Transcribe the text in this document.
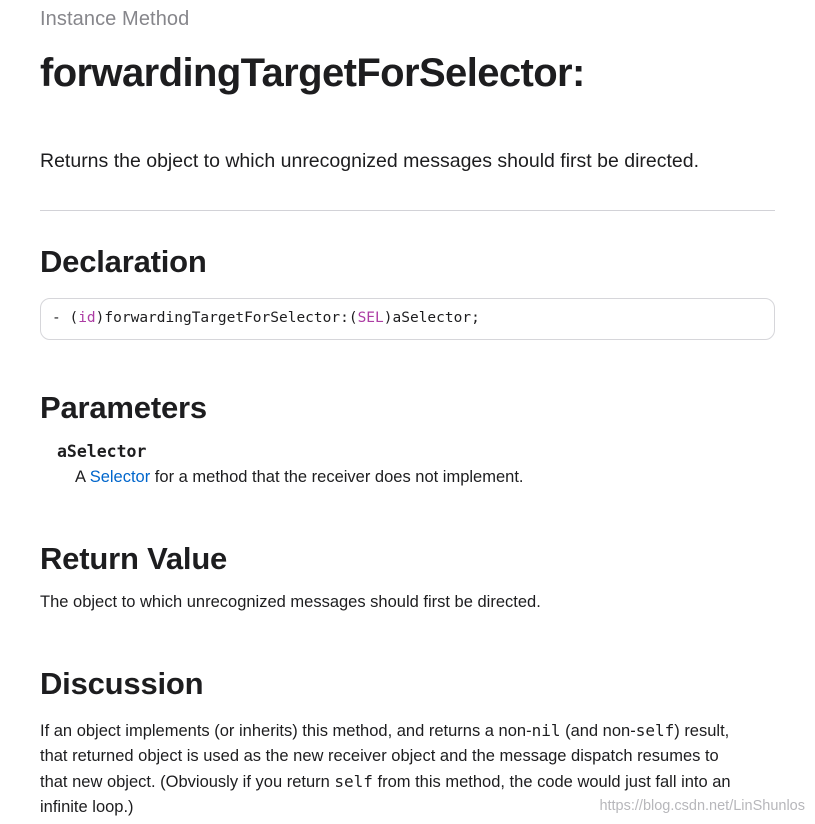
Instance Method
forwardingTargetForSelector:
Returns the object to which unrecognized messages should first be directed.
Declaration
- (id)forwardingTargetForSelector:(SEL)aSelector;
Parameters
aSelector
A Selector for a method that the receiver does not implement.
Return Value
The object to which unrecognized messages should first be directed.
Discussion
If an object implements (or inherits) this method, and returns a non-nil (and non-self) result,
that returned object is used as the new receiver object and the message dispatch resumes to
that new object. (Obviously if you return self from this method, the code would just fall into an
infinite loop.)	https://blog.csdn.net/LinShunlos
